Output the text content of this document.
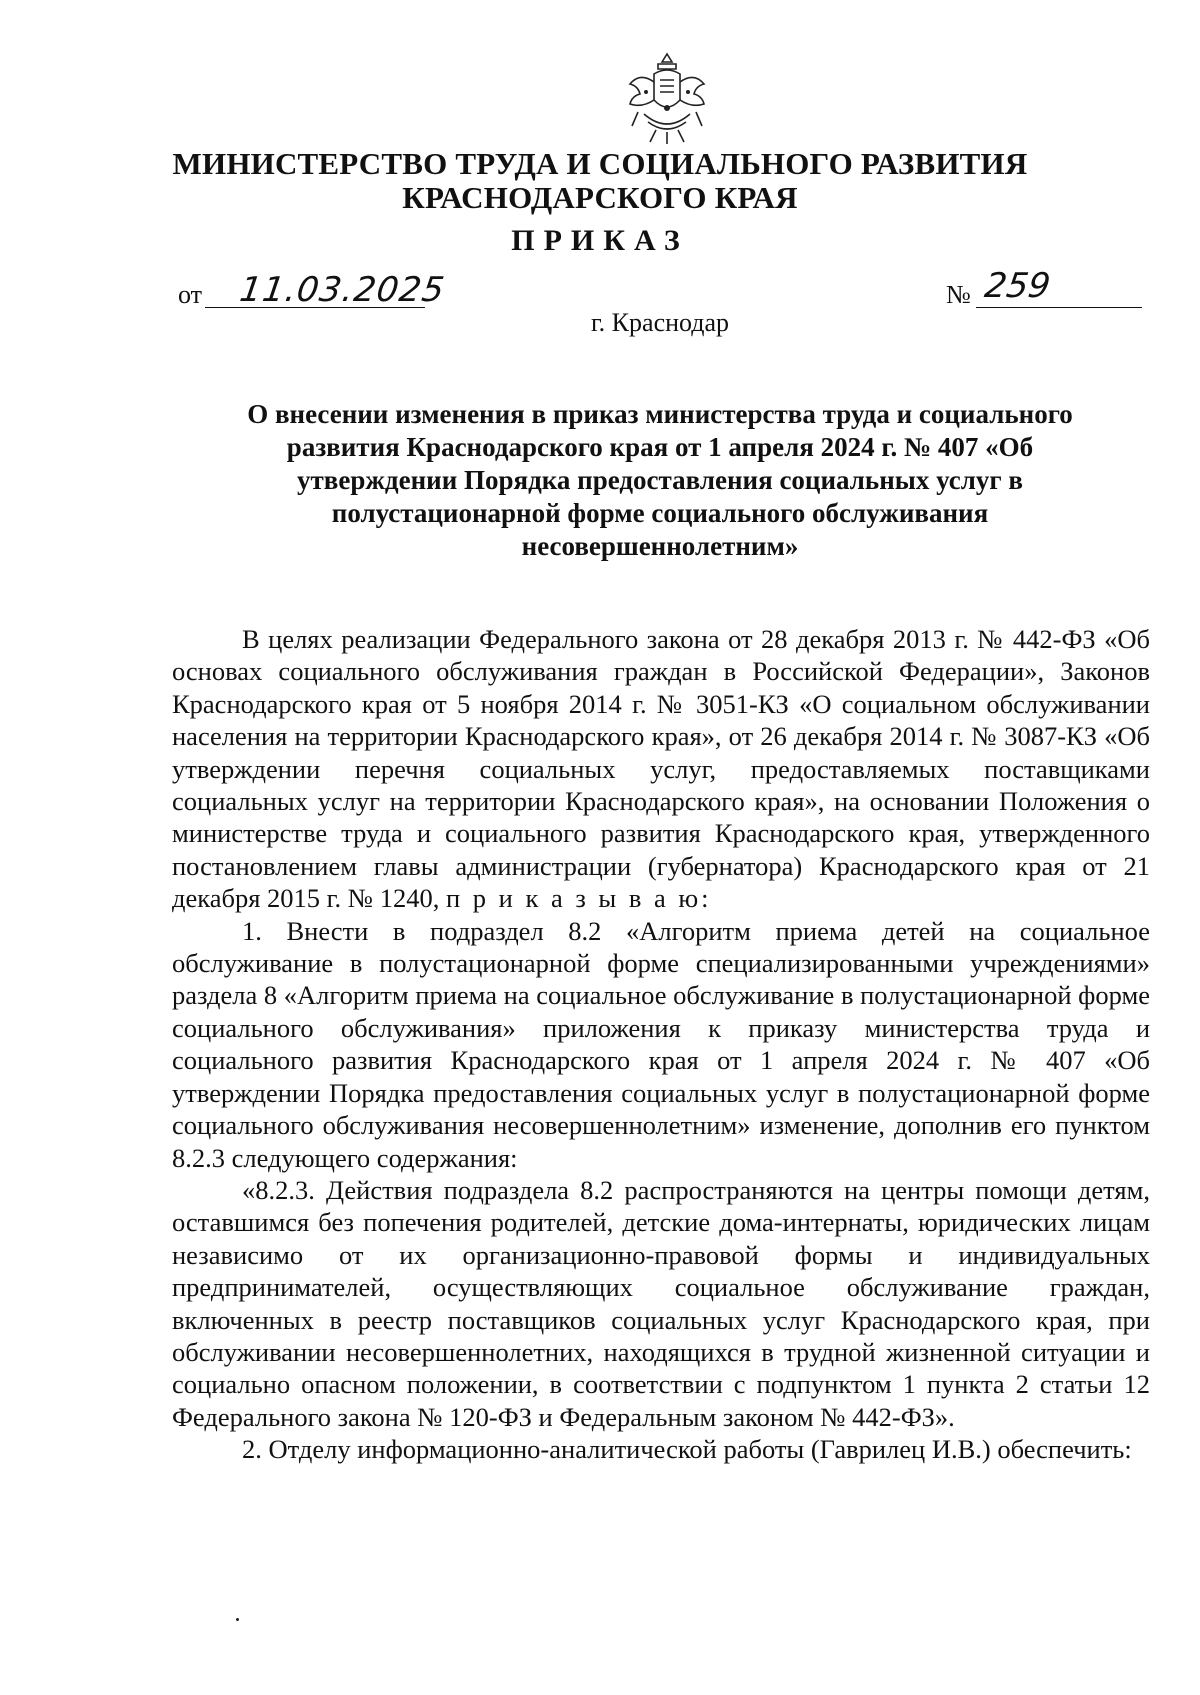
МИНИСТЕРСТВО ТРУДА И СОЦИАЛЬНОГО РАЗВИТИЯ
КРАСНОДАРСКОГО КРАЯ
ПРИКАЗ
от 11.03.2025	№ 259
г. Краснодар
О внесении изменения в приказ министерства труда и социального развития Краснодарского края от 1 апреля 2024 г. № 407 «Об утверждении Порядка предоставления социальных услуг в полустационарной форме социального обслуживания несовершеннолетним»

В целях реализации Федерального закона от 28 декабря 2013 г. № 442-ФЗ «Об основах социального обслуживания граждан в Российской Федерации», Законов Краснодарского края от 5 ноября 2014 г. № 3051-КЗ «О социальном обслуживании населения на территории Краснодарского края», от 26 декабря 2014 г. № 3087-КЗ «Об утверждении перечня социальных услуг, предоставляемых поставщиками социальных услуг на территории Краснодарского края», на основании Положения о министерстве труда и социального развития Краснодарского края, утвержденного постановлением главы администрации (губернатора) Краснодарского края от 21 декабря 2015 г. № 1240, п р и к а з ы в а ю:

1. Внести в подраздел 8.2 «Алгоритм приема детей на социальное обслуживание в полустационарной форме специализированными учреждениями» раздела 8 «Алгоритм приема на социальное обслуживание в полустационарной форме социального обслуживания» приложения к приказу министерства труда и социального развития Краснодарского края от 1 апреля 2024 г. № 407 «Об утверждении Порядка предоставления социальных услуг в полустационарной форме социального обслуживания несовершеннолетним» изменение, дополнив его пунктом 8.2.3 следующего содержания:

«8.2.3. Действия подраздела 8.2 распространяются на центры помощи детям, оставшимся без попечения родителей, детские дома-интернаты, юридических лицам независимо от их организационно-правовой формы и индивидуальных предпринимателей, осуществляющих социальное обслуживание граждан, включенных в реестр поставщиков социальных услуг Краснодарского края, при обслуживании несовершеннолетних, находящихся в трудной жизненной ситуации и социально опасном положении, в соответствии с подпунктом 1 пункта 2 статьи 12 Федерального закона № 120-ФЗ и Федеральным законом № 442-ФЗ».

2. Отделу информационно-аналитической работы (Гаврилец И.В.) обеспечить:
